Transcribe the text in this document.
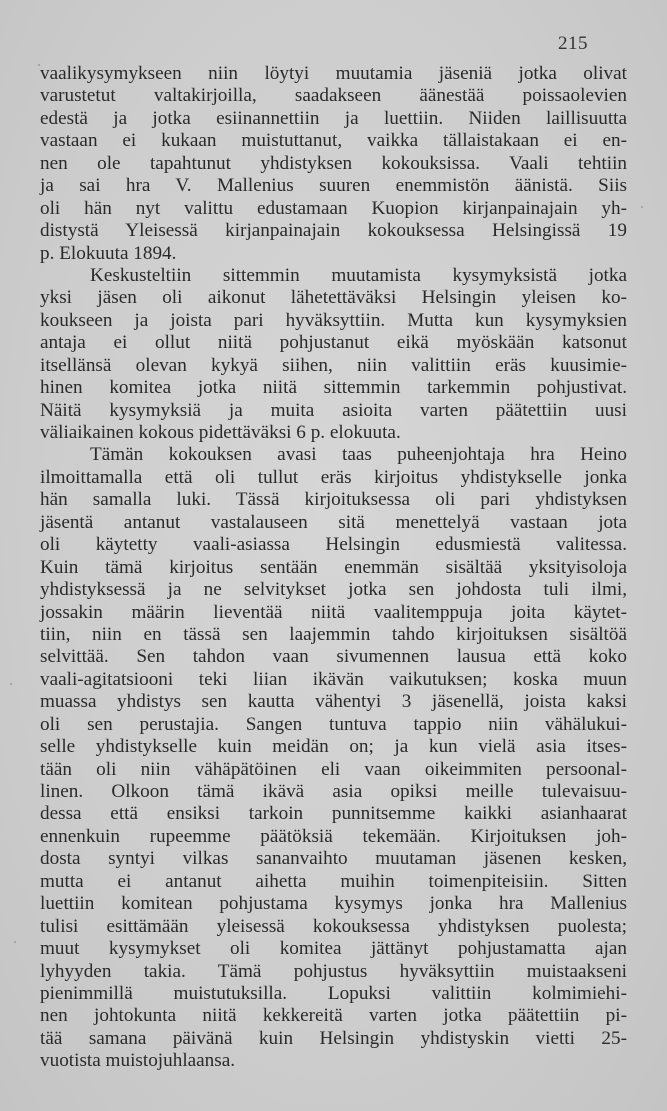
215
vaalikysymykseen niin löytyi muutamia jäseniä jotka olivat
varustetut valtakirjoilla, saadakseen äänestää poissaolevien
edestä ja jotka esiinannettiin ja luettiin. Niiden laillisuutta
vastaan ei kukaan muistuttanut, vaikka tällaistakaan ei en-
nen ole tapahtunut yhdistyksen kokouksissa. Vaali tehtiin
ja sai hra V. Mallenius suuren enemmistön äänistä. Siis
oli hän nyt valittu edustamaan Kuopion kirjanpainajain yh-
distystä Yleisessä kirjanpainajain kokouksessa Helsingissä 19
p. Elokuuta 1894.
Keskusteltiin sittemmin muutamista kysymyksistä jotka
yksi jäsen oli aikonut lähetettäväksi Helsingin yleisen ko-
koukseen ja joista pari hyväksyttiin. Mutta kun kysymyksien
antaja ei ollut niitä pohjustanut eikä myöskään katsonut
itsellänsä olevan kykyä siihen, niin valittiin eräs kuusimie-
hinen komitea jotka niitä sittemmin tarkemmin pohjustivat.
Näitä kysymyksiä ja muita asioita varten päätettiin uusi
väliaikainen kokous pidettäväksi 6 p. elokuuta.
Tämän kokouksen avasi taas puheenjohtaja hra Heino
ilmoittamalla että oli tullut eräs kirjoitus yhdistykselle jonka
hän samalla luki. Tässä kirjoituksessa oli pari yhdistyksen
jäsentä antanut vastalauseen sitä menettelyä vastaan jota
oli käytetty vaali-asiassa Helsingin edusmiestä valitessa.
Kuin tämä kirjoitus sentään enemmän sisältää yksityisoloja
yhdistyksessä ja ne selvitykset jotka sen johdosta tuli ilmi,
jossakin määrin lieventää niitä vaalitemppuja joita käytet-
tiin, niin en tässä sen laajemmin tahdo kirjoituksen sisältöä
selvittää. Sen tahdon vaan sivumennen lausua että koko
vaali-agitatsiooni teki liian ikävän vaikutuksen; koska muun
muassa yhdistys sen kautta vähentyi 3 jäsenellä, joista kaksi
oli sen perustajia. Sangen tuntuva tappio niin vähälukui-
selle yhdistykselle kuin meidän on; ja kun vielä asia itses-
tään oli niin vähäpätöinen eli vaan oikeimmiten persoonal-
linen. Olkoon tämä ikävä asia opiksi meille tulevaisuu-
dessa että ensiksi tarkoin punnitsemme kaikki asianhaarat
ennenkuin rupeemme päätöksiä tekemään. Kirjoituksen joh-
dosta syntyi vilkas sananvaihto muutaman jäsenen kesken,
mutta ei antanut aihetta muihin toimenpiteisiin. Sitten
luettiin komitean pohjustama kysymys jonka hra Mallenius
tulisi esittämään yleisessä kokouksessa yhdistyksen puolesta;
muut kysymykset oli komitea jättänyt pohjustamatta ajan
lyhyyden takia. Tämä pohjustus hyväksyttiin muistaakseni
pienimmillä muistutuksilla. Lopuksi valittiin kolmimiehi-
nen johtokunta niitä kekkereitä varten jotka päätettiin pi-
tää samana päivänä kuin Helsingin yhdistyskin vietti 25-
vuotista muistojuhlaansa.
